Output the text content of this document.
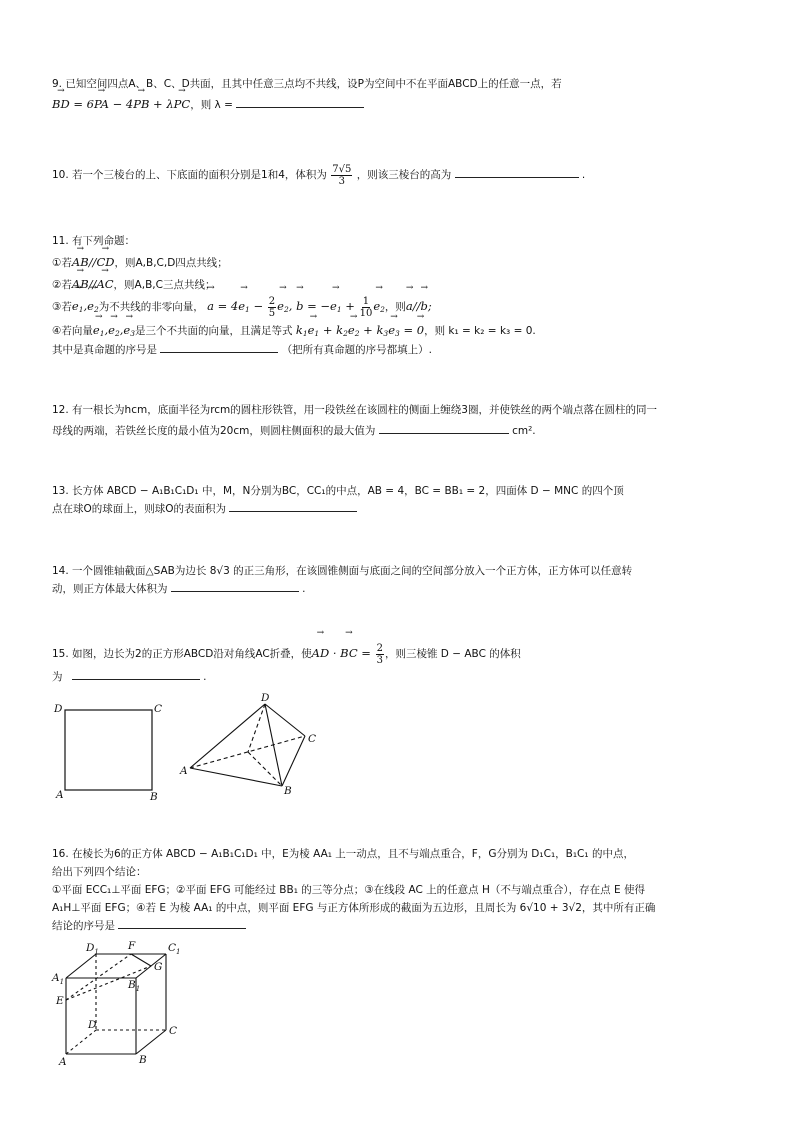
9. 已知空间四点A、B、C、D共面，且其中任意三点均不共线，设P为空间中不在平面ABCD上的任意一点，若
→ BD = 6→ PA − 4→ PB + λ→ PC，则 λ =
10. 若一个三棱台的上、下底面的面积分别是1和4，体积为 $\frac{7√5}{3}$ ，则该三棱台的高为	.
11. 有下列命题：
①若→ AB//→ CD，则A,B,C,D四点共线；
②若→ AB//→ AC，则A,B,C三点共线；
③若→ $e_1,\to e_2$为不共线的非零向量， → $a = 4\to e_1 - \frac{2}{5}$
→ $e_2$, → b = −→ $e_1 + \frac{1}{10}$
→ $e_2$，则→ a//→ b;
④若向量→ $e_1,\to e_2,\to e_3$是三个不共面的向量，且满足等式 $k_1\to e_1 + k_2\to e_2 + k_3\to e_3$ = → 0，则 k₁ = k₂ = k₃ = 0.
其中是真命题的序号是	（把所有真命题的序号都填上）.
12. 有一根长为hcm，底面半径为rcm的圆柱形铁管，用一段铁丝在该圆柱的侧面上缠绕3圈，并使铁丝的两个端点落在圆柱的同一
母线的两端，若铁丝长度的最小值为20cm，则圆柱侧面积的最大值为	cm².
13. 长方体 ABCD − A₁B₁C₁D₁ 中，M，N分别为BC，CC₁的中点，AB = 4，BC = BB₁ = 2，四面体 D − MNC 的四个顶
点在球O的球面上，则球O的表面积为
14. 一个圆锥轴截面△SAB为边长 8√3 的正三角形，在该圆锥侧面与底面之间的空间部分放入一个正方体，正方体可以任意转
动，则正方体最大体积为	.
15. 如图，边长为2的正方形ABCD沿对角线AC折叠，使→ AD · → BC = $\frac{2}{3}$ ，则三棱锥 D − ABC 的体积
为	.
D	C
A	B
D
C
A
B
16. 在棱长为6的正方体 ABCD − A₁B₁C₁D₁ 中，E为棱 AA₁ 上一动点，且不与端点重合，F，G分别为 D₁C₁，B₁C₁ 的中点，
给出下列四个结论：
①平面 ECC₁⊥平面 EFG；②平面 EFG 可能经过 BB₁ 的三等分点；③在线段 AC 上的任意点 H（不与端点重合），存在点 E 使得
A₁H⊥平面 EFG；④若 E 为棱 AA₁ 的中点，则平面 EFG 与正方体所形成的截面为五边形，且周长为 6√10 + 3√2，其中所有正确
结论的序号是
$D_1$	F	$C_1$
$A_1$
G
$B_1$
E
D	C
A	B
